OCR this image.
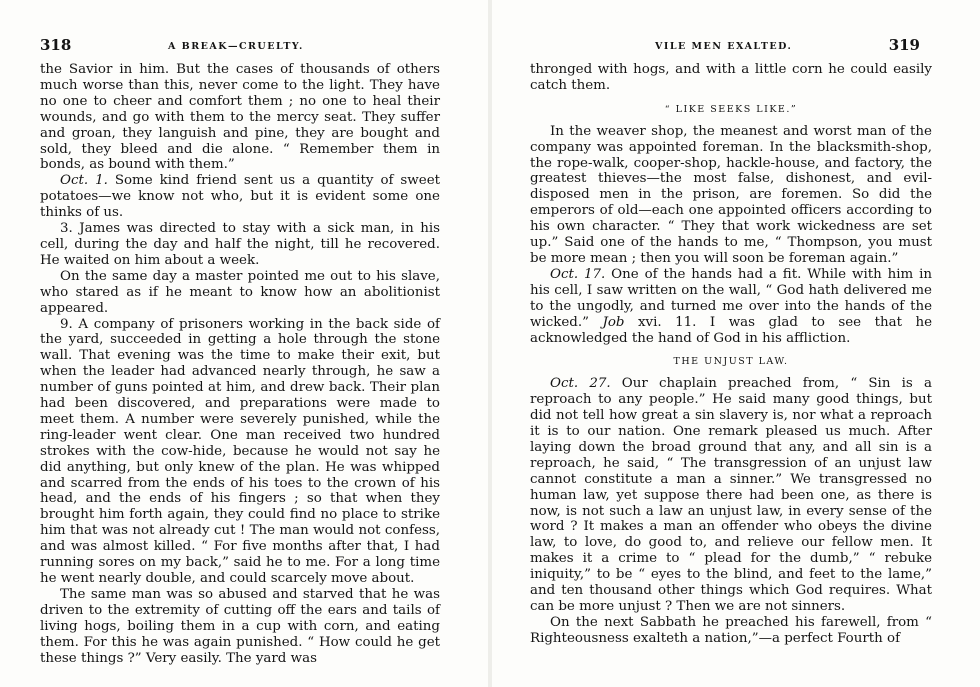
318	A BREAK—CRUELTY.

the Savior in him. But the cases of thousands of others much worse than this, never come to the light. They have no one to cheer and comfort them ; no one to heal their wounds, and go with them to the mercy seat. They suffer and groan, they languish and pine, they are bought and sold, they bleed and die alone. “ Remember them in bonds, as bound with them.”

Oct. 1. Some kind friend sent us a quantity of sweet potatoes—we know not who, but it is evident some one thinks of us.

3. James was directed to stay with a sick man, in his cell, during the day and half the night, till he recovered. He waited on him about a week.

On the same day a master pointed me out to his slave, who stared as if he meant to know how an abolitionist appeared.

9. A company of prisoners working in the back side of the yard, succeeded in getting a hole through the stone wall. That evening was the time to make their exit, but when the leader had advanced nearly through, he saw a number of guns pointed at him, and drew back. Their plan had been discovered, and preparations were made to meet them. A number were severely punished, while the ring-leader went clear. One man received two hundred strokes with the cow-hide, because he would not say he did anything, but only knew of the plan. He was whipped and scarred from the ends of his toes to the crown of his head, and the ends of his fingers ; so that when they brought him forth again, they could find no place to strike him that was not already cut ! The man would not confess, and was almost killed. “ For five months after that, I had running sores on my back,” said he to me. For a long time he went nearly double, and could scarcely move about.

The same man was so abused and starved that he was driven to the extremity of cutting off the ears and tails of living hogs, boiling them in a cup with corn, and eating them. For this he was again punished. “ How could he get these things ?” Very easily. The yard was

VILE MEN EXALTED.	319

thronged with hogs, and with a little corn he could easily catch them.

“ LIKE SEEKS LIKE.”

In the weaver shop, the meanest and worst man of the company was appointed foreman. In the blacksmith-shop, the rope-walk, cooper-shop, hackle-house, and factory, the greatest thieves—the most false, dishonest, and evil-disposed men in the prison, are foremen. So did the emperors of old—each one appointed officers according to his own character. “ They that work wickedness are set up.” Said one of the hands to me, “ Thompson, you must be more mean ; then you will soon be foreman again.”

Oct. 17. One of the hands had a fit. While with him in his cell, I saw written on the wall, “ God hath delivered me to the ungodly, and turned me over into the hands of the wicked.” Job xvi. 11. I was glad to see that he acknowledged the hand of God in his affliction.

THE UNJUST LAW.

Oct. 27. Our chaplain preached from, “ Sin is a reproach to any people.” He said many good things, but did not tell how great a sin slavery is, nor what a reproach it is to our nation. One remark pleased us much. After laying down the broad ground that any, and all sin is a reproach, he said, “ The transgression of an unjust law cannot constitute a man a sinner.” We transgressed no human law, yet suppose there had been one, as there is now, is not such a law an unjust law, in every sense of the word ? It makes a man an offender who obeys the divine law, to love, do good to, and relieve our fellow men. It makes it a crime to “ plead for the dumb,” “ rebuke iniquity,” to be “ eyes to the blind, and feet to the lame,” and ten thousand other things which God requires. What can be more unjust ? Then we are not sinners.

On the next Sabbath he preached his farewell, from “ Righteousness exalteth a nation,”—a perfect Fourth of
